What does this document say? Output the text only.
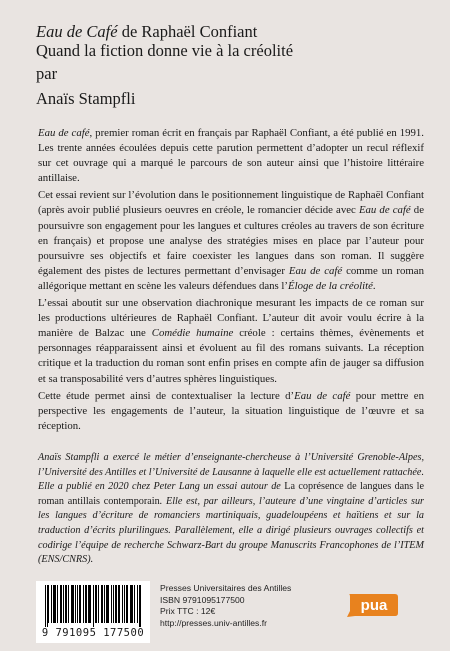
Eau de Café de Raphaël Confiant
Quand la fiction donne vie à la créolité
par
Anaïs Stampfli

Eau de café, premier roman écrit en français par Raphaël Confiant, a été publié en 1991. Les trente années écoulées depuis cette parution permettent d’adopter un recul réflexif sur cet ouvrage qui a marqué le parcours de son auteur ainsi que l’histoire littéraire antillaise.

Cet essai revient sur l’évolution dans le positionnement linguistique de Raphaël Confiant (après avoir publié plusieurs oeuvres en créole, le romancier décide avec Eau de café de poursuivre son engagement pour les langues et cultures créoles au travers de son écriture en français) et propose une analyse des stratégies mises en place par l’auteur pour poursuivre ses objectifs et faire coexister les langues dans son roman. Il suggère également des pistes de lectures permettant d’envisager Eau de café comme un roman allégorique mettant en scène les valeurs défendues dans l’Éloge de la créolité.

L’essai aboutit sur une observation diachronique mesurant les impacts de ce roman sur les productions ultérieures de Raphaël Confiant. L’auteur dit avoir voulu écrire à la manière de Balzac une Comédie humaine créole : certains thèmes, évènements et personnages réapparaissent ainsi et évoluent au fil des romans suivants. La réception critique et la traduction du roman sont enfin prises en compte afin de jauger sa diffusion et sa transposabilité vers d’autres sphères linguistiques.

Cette étude permet ainsi de contextualiser la lecture d’Eau de café pour mettre en perspective les engagements de l’auteur, la situation linguistique de l’œuvre et sa réception.

Anaïs Stampfli a exercé le métier d’enseignante-chercheuse à l’Université Grenoble-Alpes, l’Université des Antilles et l’Université de Lausanne à laquelle elle est actuellement rattachée. Elle a publié en 2020 chez Peter Lang un essai autour de La coprésence de langues dans le roman antillais contemporain. Elle est, par ailleurs, l’auteure d’une vingtaine d’articles sur les langues d’écriture de romanciers martiniquais, guadeloupéens et haïtiens et sur la traduction d’écrits plurilingues. Parallèlement, elle a dirigé plusieurs ouvrages collectifs et codirige l’équipe de recherche Schwarz-Bart du groupe Manuscrits Francophones de l’ITEM (ENS/CNRS).
9 791095 177500
Presses Universitaires des Antilles
ISBN 9791095177500
Prix TTC : 12€
http://presses.univ-antilles.fr
pua
